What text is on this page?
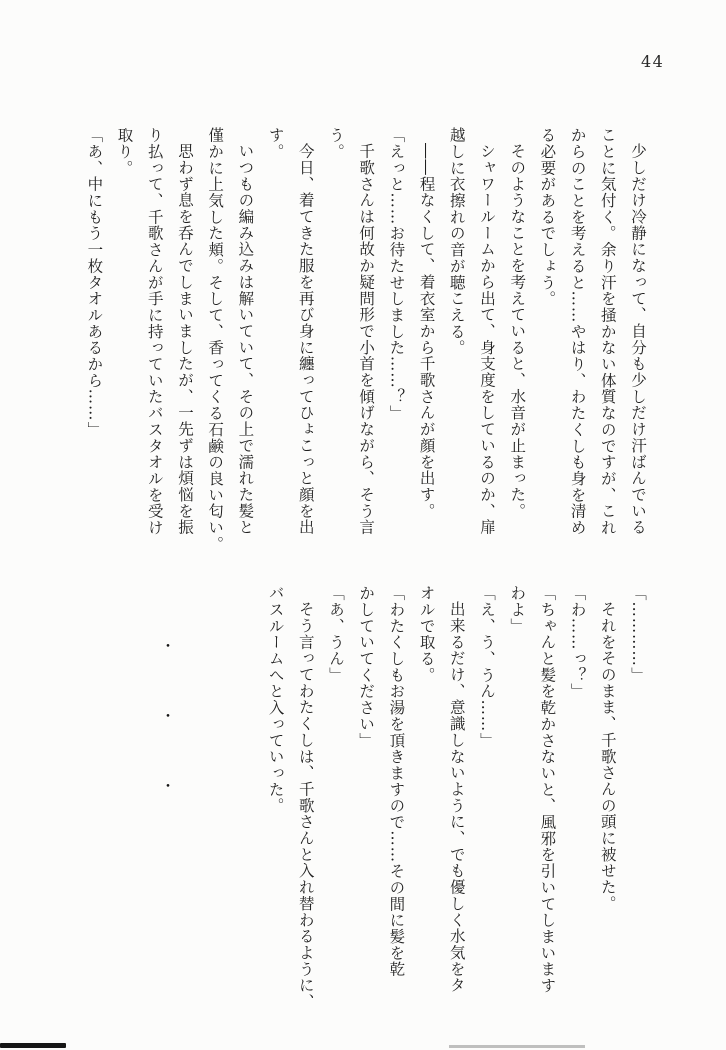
44
少しだけ冷静になって、自分も少しだけ汗ばんでいる
ことに気付く。余り汗を掻かない体質なのですが、これ
からのことを考えると……やはり、わたくしも身を清め
る必要があるでしょう。
そのようなことを考えていると、水音が止まった。
シャワールームから出て、身支度をしているのか、扉
越しに衣擦れの音が聴こえる。
――程なくして、着衣室から千歌さんが顔を出す。
「えっと……お待たせしました……？」
千歌さんは何故か疑問形で小首を傾げながら、そう言
う。
今日、着てきた服を再び身に纏ってひょこっと顔を出
す。
いつもの編み込みは解いていて、その上で濡れた髪と
僅かに上気した頬。そして、香ってくる石鹸の良い匂い。
思わず息を呑んでしまいましたが、一先ずは煩悩を振
り払って、千歌さんが手に持っていたバスタオルを受け
取り。
「あ、中にもう一枚タオルあるから……」
「…………」
それをそのまま、千歌さんの頭に被せた。
「わ……っ？」
「ちゃんと髪を乾かさないと、風邪を引いてしまいます
わよ」
「え、う、うん……」
出来るだけ、意識しないように、でも優しく水気をタ
オルで取る。
「わたくしもお湯を頂きますので……その間に髪を乾
かしていてください」
「あ、うん」
そう言ってわたくしは、千歌さんと入れ替わるように、
バスルームへと入っていった。
・
・
・
